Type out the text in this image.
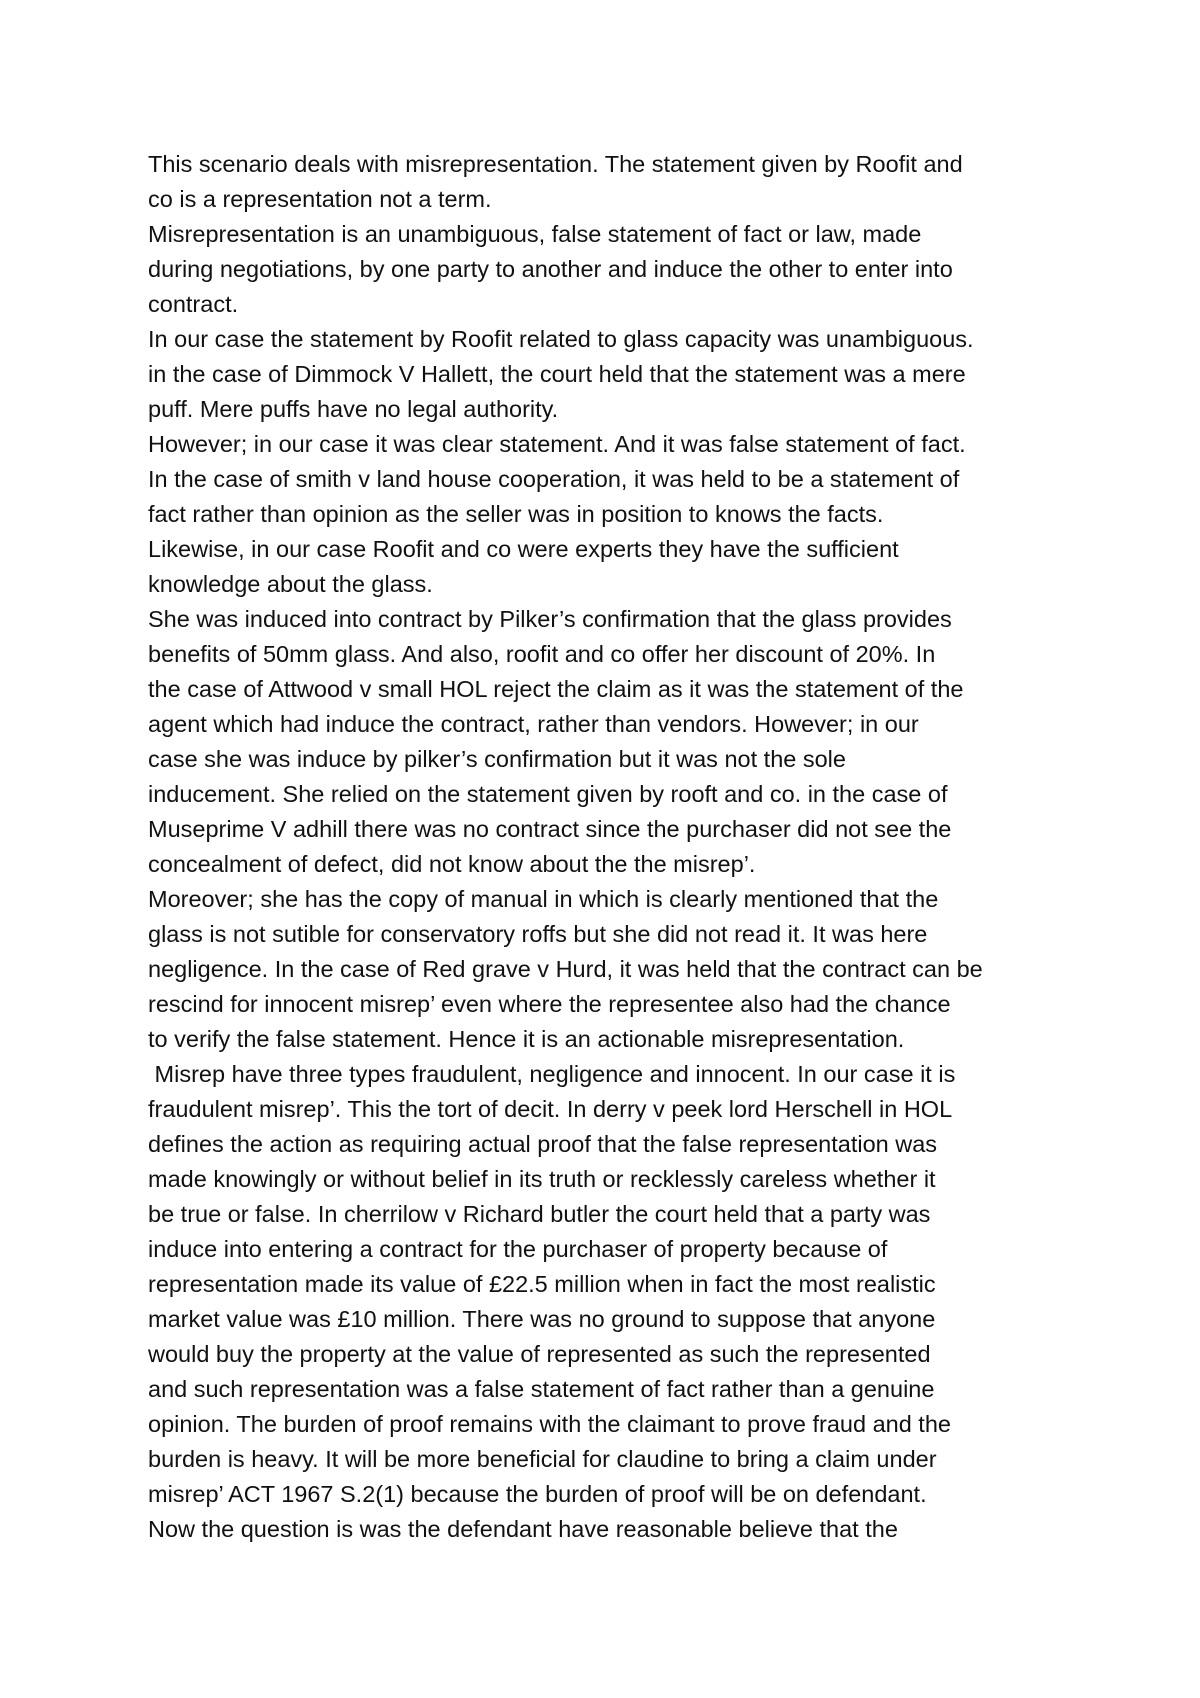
This scenario deals with misrepresentation. The statement given by Roofit and
co is a representation not a term.
Misrepresentation is an unambiguous, false statement of fact or law, made
during negotiations, by one party to another and induce the other to enter into
contract.
In our case the statement by Roofit related to glass capacity was unambiguous.
in the case of Dimmock V Hallett, the court held that the statement was a mere
puff. Mere puffs have no legal authority.
However; in our case it was clear statement. And it was false statement of fact.
In the case of smith v land house cooperation, it was held to be a statement of
fact rather than opinion as the seller was in position to knows the facts.
Likewise, in our case Roofit and co were experts they have the sufficient
knowledge about the glass.
She was induced into contract by Pilker’s confirmation that the glass provides
benefits of 50mm glass. And also, roofit and co offer her discount of 20%. In
the case of Attwood v small HOL reject the claim as it was the statement of the
agent which had induce the contract, rather than vendors. However; in our
case she was induce by pilker’s confirmation but it was not the sole
inducement. She relied on the statement given by rooft and co. in the case of
Museprime V adhill there was no contract since the purchaser did not see the
concealment of defect, did not know about the the misrep’.
Moreover; she has the copy of manual in which is clearly mentioned that the
glass is not sutible for conservatory roffs but she did not read it. It was here
negligence. In the case of Red grave v Hurd, it was held that the contract can be
rescind for innocent misrep’ even where the representee also had the chance
to verify the false statement. Hence it is an actionable misrepresentation.
Misrep have three types fraudulent, negligence and innocent. In our case it is
fraudulent misrep’. This the tort of decit. In derry v peek lord Herschell in HOL
defines the action as requiring actual proof that the false representation was
made knowingly or without belief in its truth or recklessly careless whether it
be true or false. In cherrilow v Richard butler the court held that a party was
induce into entering a contract for the purchaser of property because of
representation made its value of £22.5 million when in fact the most realistic
market value was £10 million. There was no ground to suppose that anyone
would buy the property at the value of represented as such the represented
and such representation was a false statement of fact rather than a genuine
opinion. The burden of proof remains with the claimant to prove fraud and the
burden is heavy. It will be more beneficial for claudine to bring a claim under
misrep’ ACT 1967 S.2(1) because the burden of proof will be on defendant.
Now the question is was the defendant have reasonable believe that the
